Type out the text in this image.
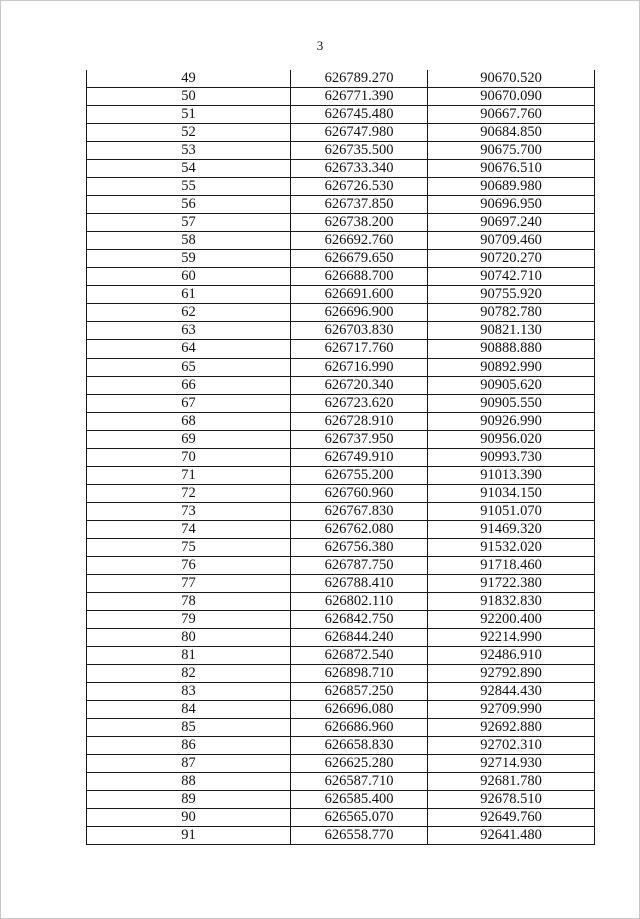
3
49	626789.270	90670.520
50	626771.390	90670.090
51	626745.480	90667.760
52	626747.980	90684.850
53	626735.500	90675.700
54	626733.340	90676.510
55	626726.530	90689.980
56	626737.850	90696.950
57	626738.200	90697.240
58	626692.760	90709.460
59	626679.650	90720.270
60	626688.700	90742.710
61	626691.600	90755.920
62	626696.900	90782.780
63	626703.830	90821.130
64	626717.760	90888.880
65	626716.990	90892.990
66	626720.340	90905.620
67	626723.620	90905.550
68	626728.910	90926.990
69	626737.950	90956.020
70	626749.910	90993.730
71	626755.200	91013.390
72	626760.960	91034.150
73	626767.830	91051.070
74	626762.080	91469.320
75	626756.380	91532.020
76	626787.750	91718.460
77	626788.410	91722.380
78	626802.110	91832.830
79	626842.750	92200.400
80	626844.240	92214.990
81	626872.540	92486.910
82	626898.710	92792.890
83	626857.250	92844.430
84	626696.080	92709.990
85	626686.960	92692.880
86	626658.830	92702.310
87	626625.280	92714.930
88	626587.710	92681.780
89	626585.400	92678.510
90	626565.070	92649.760
91	626558.770	92641.480
